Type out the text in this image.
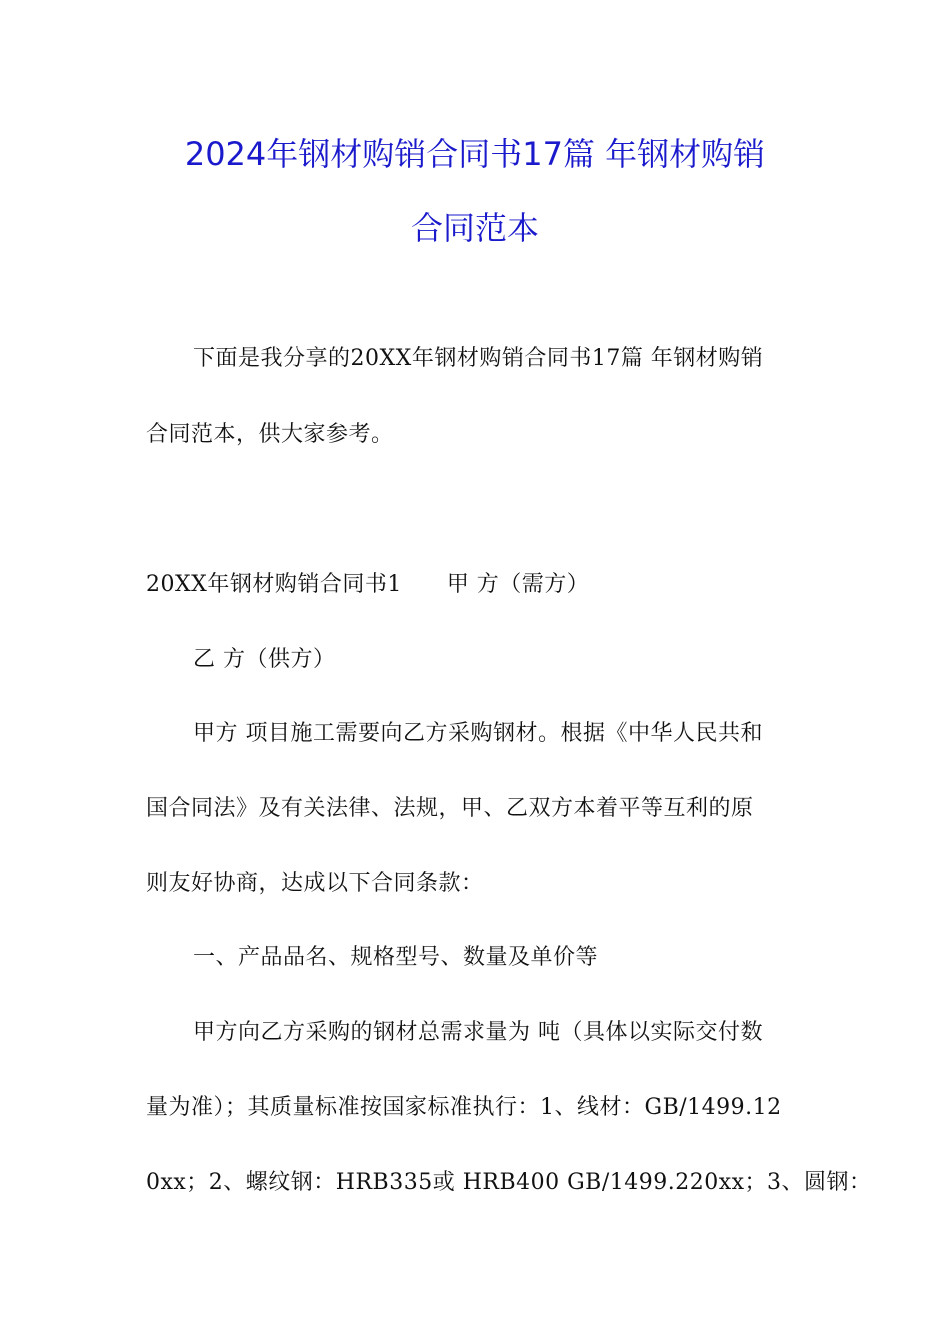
2024年钢材购销合同书17篇 年钢材购销
合同范本
下面是我分享的20XX年钢材购销合同书17篇 年钢材购销
合同范本，供大家参考。
20XX年钢材购销合同书1　　甲 方（需方）
乙 方（供方）
甲方 项目施工需要向乙方采购钢材。根据《中华人民共和
国合同法》及有关法律、法规，甲、乙双方本着平等互利的原
则友好协商，达成以下合同条款：
一、产品品名、规格型号、数量及单价等
甲方向乙方采购的钢材总需求量为 吨（具体以实际交付数
量为准）；其质量标准按国家标准执行：1、线材：GB/1499.12
0xx；2、螺纹钢：HRB335或 HRB400 GB/1499.220xx；3、圆钢：
